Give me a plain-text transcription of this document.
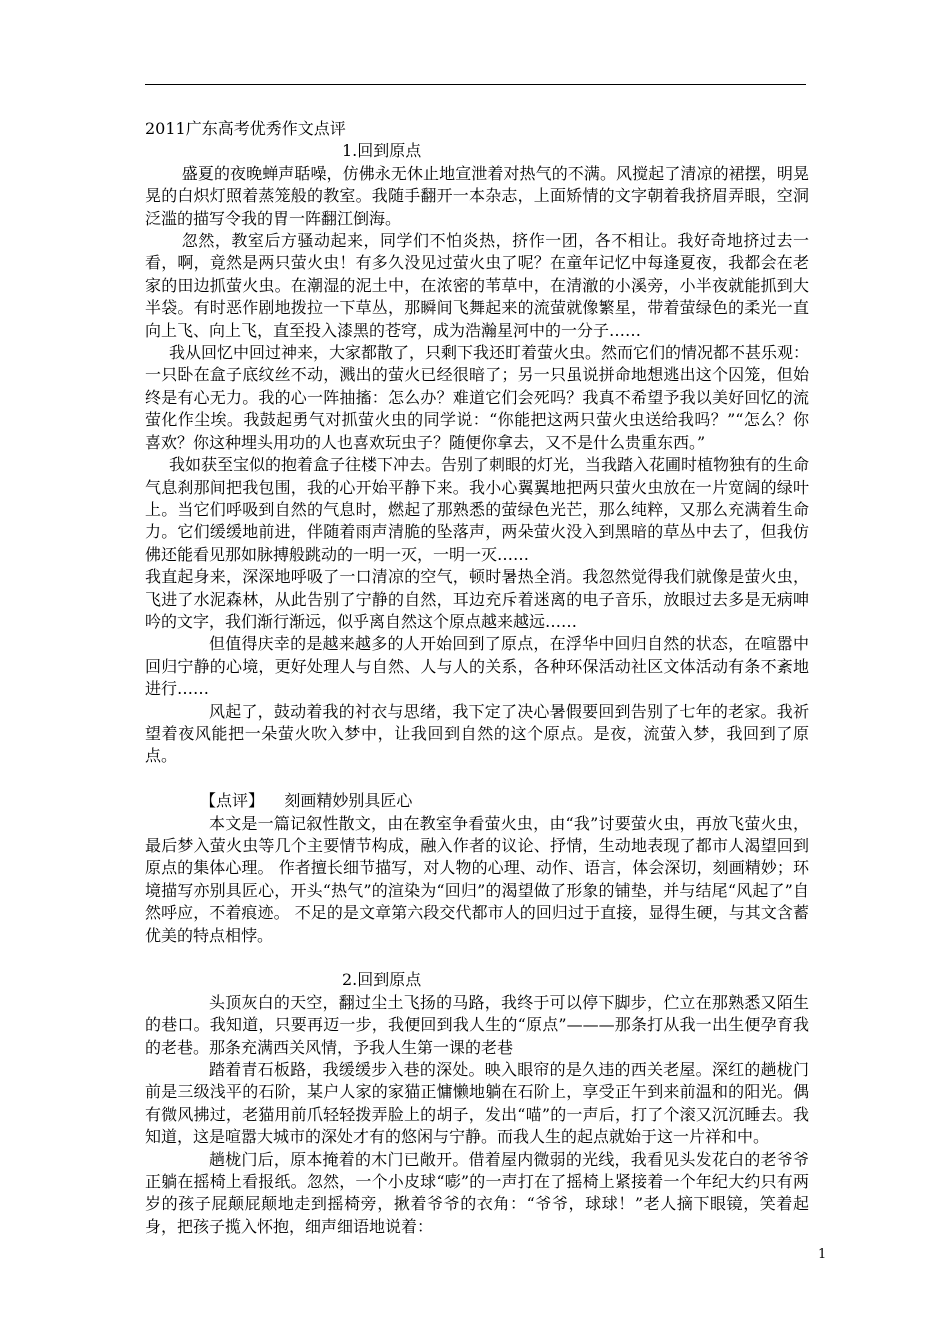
2011广东高考优秀作文点评

1.回到原点

盛夏的夜晚蝉声聒噪，仿佛永无休止地宣泄着对热气的不满。风搅起了清凉的裙摆，明晃晃的白炽灯照着蒸笼般的教室。我随手翻开一本杂志，上面矫情的文字朝着我挤眉弄眼，空洞泛滥的描写令我的胃一阵翻江倒海。

忽然，教室后方骚动起来，同学们不怕炎热，挤作一团，各不相让。我好奇地挤过去一看，啊，竟然是两只萤火虫！有多久没见过萤火虫了呢？在童年记忆中每逢夏夜，我都会在老家的田边抓萤火虫。在潮湿的泥土中，在浓密的苇草中，在清澈的小溪旁，小半夜就能抓到大半袋。有时恶作剧地拨拉一下草丛，那瞬间飞舞起来的流萤就像繁星，带着萤绿色的柔光一直向上飞、向上飞，直至投入漆黑的苍穹，成为浩瀚星河中的一分子……

我从回忆中回过神来，大家都散了，只剩下我还盯着萤火虫。然而它们的情况都不甚乐观：一只卧在盒子底纹丝不动，溅出的萤火已经很暗了；另一只虽说拼命地想逃出这个囚笼，但始终是有心无力。我的心一阵抽搐：怎么办？难道它们会死吗？我真不希望予我以美好回忆的流萤化作尘埃。我鼓起勇气对抓萤火虫的同学说：“你能把这两只萤火虫送给我吗？”“怎么？你喜欢？你这种埋头用功的人也喜欢玩虫子？随便你拿去，又不是什么贵重东西。”

我如获至宝似的抱着盒子往楼下冲去。告别了刺眼的灯光，当我踏入花圃时植物独有的生命气息刹那间把我包围，我的心开始平静下来。我小心翼翼地把两只萤火虫放在一片宽阔的绿叶上。当它们呼吸到自然的气息时，燃起了那熟悉的萤绿色光芒，那么纯粹，又那么充满着生命力。它们缓缓地前进，伴随着雨声清脆的坠落声，两朵萤火没入到黑暗的草丛中去了，但我仿佛还能看见那如脉搏般跳动的一明一灭，一明一灭……

我直起身来，深深地呼吸了一口清凉的空气，顿时暑热全消。我忽然觉得我们就像是萤火虫，飞进了水泥森林，从此告别了宁静的自然，耳边充斥着迷离的电子音乐，放眼过去多是无病呻吟的文字，我们渐行渐远，似乎离自然这个原点越来越远……

但值得庆幸的是越来越多的人开始回到了原点，在浮华中回归自然的状态，在喧嚣中回归宁静的心境，更好处理人与自然、人与人的关系，各种环保活动社区文体活动有条不紊地进行……

风起了，鼓动着我的衬衣与思绪，我下定了决心暑假要回到告别了七年的老家。我祈望着夜风能把一朵萤火吹入梦中，让我回到自然的这个原点。是夜，流萤入梦，我回到了原点。

【点评】 刻画精妙别具匠心

本文是一篇记叙性散文，由在教室争看萤火虫，由“我”讨要萤火虫，再放飞萤火虫，最后梦入萤火虫等几个主要情节构成，融入作者的议论、抒情，生动地表现了都市人渴望回到原点的集体心理。 作者擅长细节描写，对人物的心理、动作、语言，体会深切，刻画精妙；环境描写亦别具匠心，开头“热气”的渲染为“回归”的渴望做了形象的铺垫，并与结尾“风起了”自然呼应，不着痕迹。 不足的是文章第六段交代都市人的回归过于直接，显得生硬，与其文含蓄优美的特点相悖。

2.回到原点

头顶灰白的天空，翻过尘土飞扬的马路，我终于可以停下脚步，伫立在那熟悉又陌生的巷口。我知道，只要再迈一步，我便回到我人生的“原点”———那条打从我一出生便孕育我的老巷。那条充满西关风情，予我人生第一课的老巷

踏着青石板路，我缓缓步入巷的深处。映入眼帘的是久违的西关老屋。深红的趟栊门前是三级浅平的石阶，某户人家的家猫正慵懒地躺在石阶上，享受正午到来前温和的阳光。偶有微风拂过，老猫用前爪轻轻拨弄脸上的胡子，发出“喵”的一声后，打了个滚又沉沉睡去。我知道，这是喧嚣大城市的深处才有的悠闲与宁静。而我人生的起点就始于这一片祥和中。

趟栊门后，原本掩着的木门已敞开。借着屋内微弱的光线，我看见头发花白的老爷爷正躺在摇椅上看报纸。忽然，一个小皮球“嘭”的一声打在了摇椅上紧接着一个年纪大约只有两岁的孩子屁颠屁颠地走到摇椅旁，揪着爷爷的衣角：“爷爷，球球！”老人摘下眼镜，笑着起身，把孩子揽入怀抱，细声细语地说着：

1
